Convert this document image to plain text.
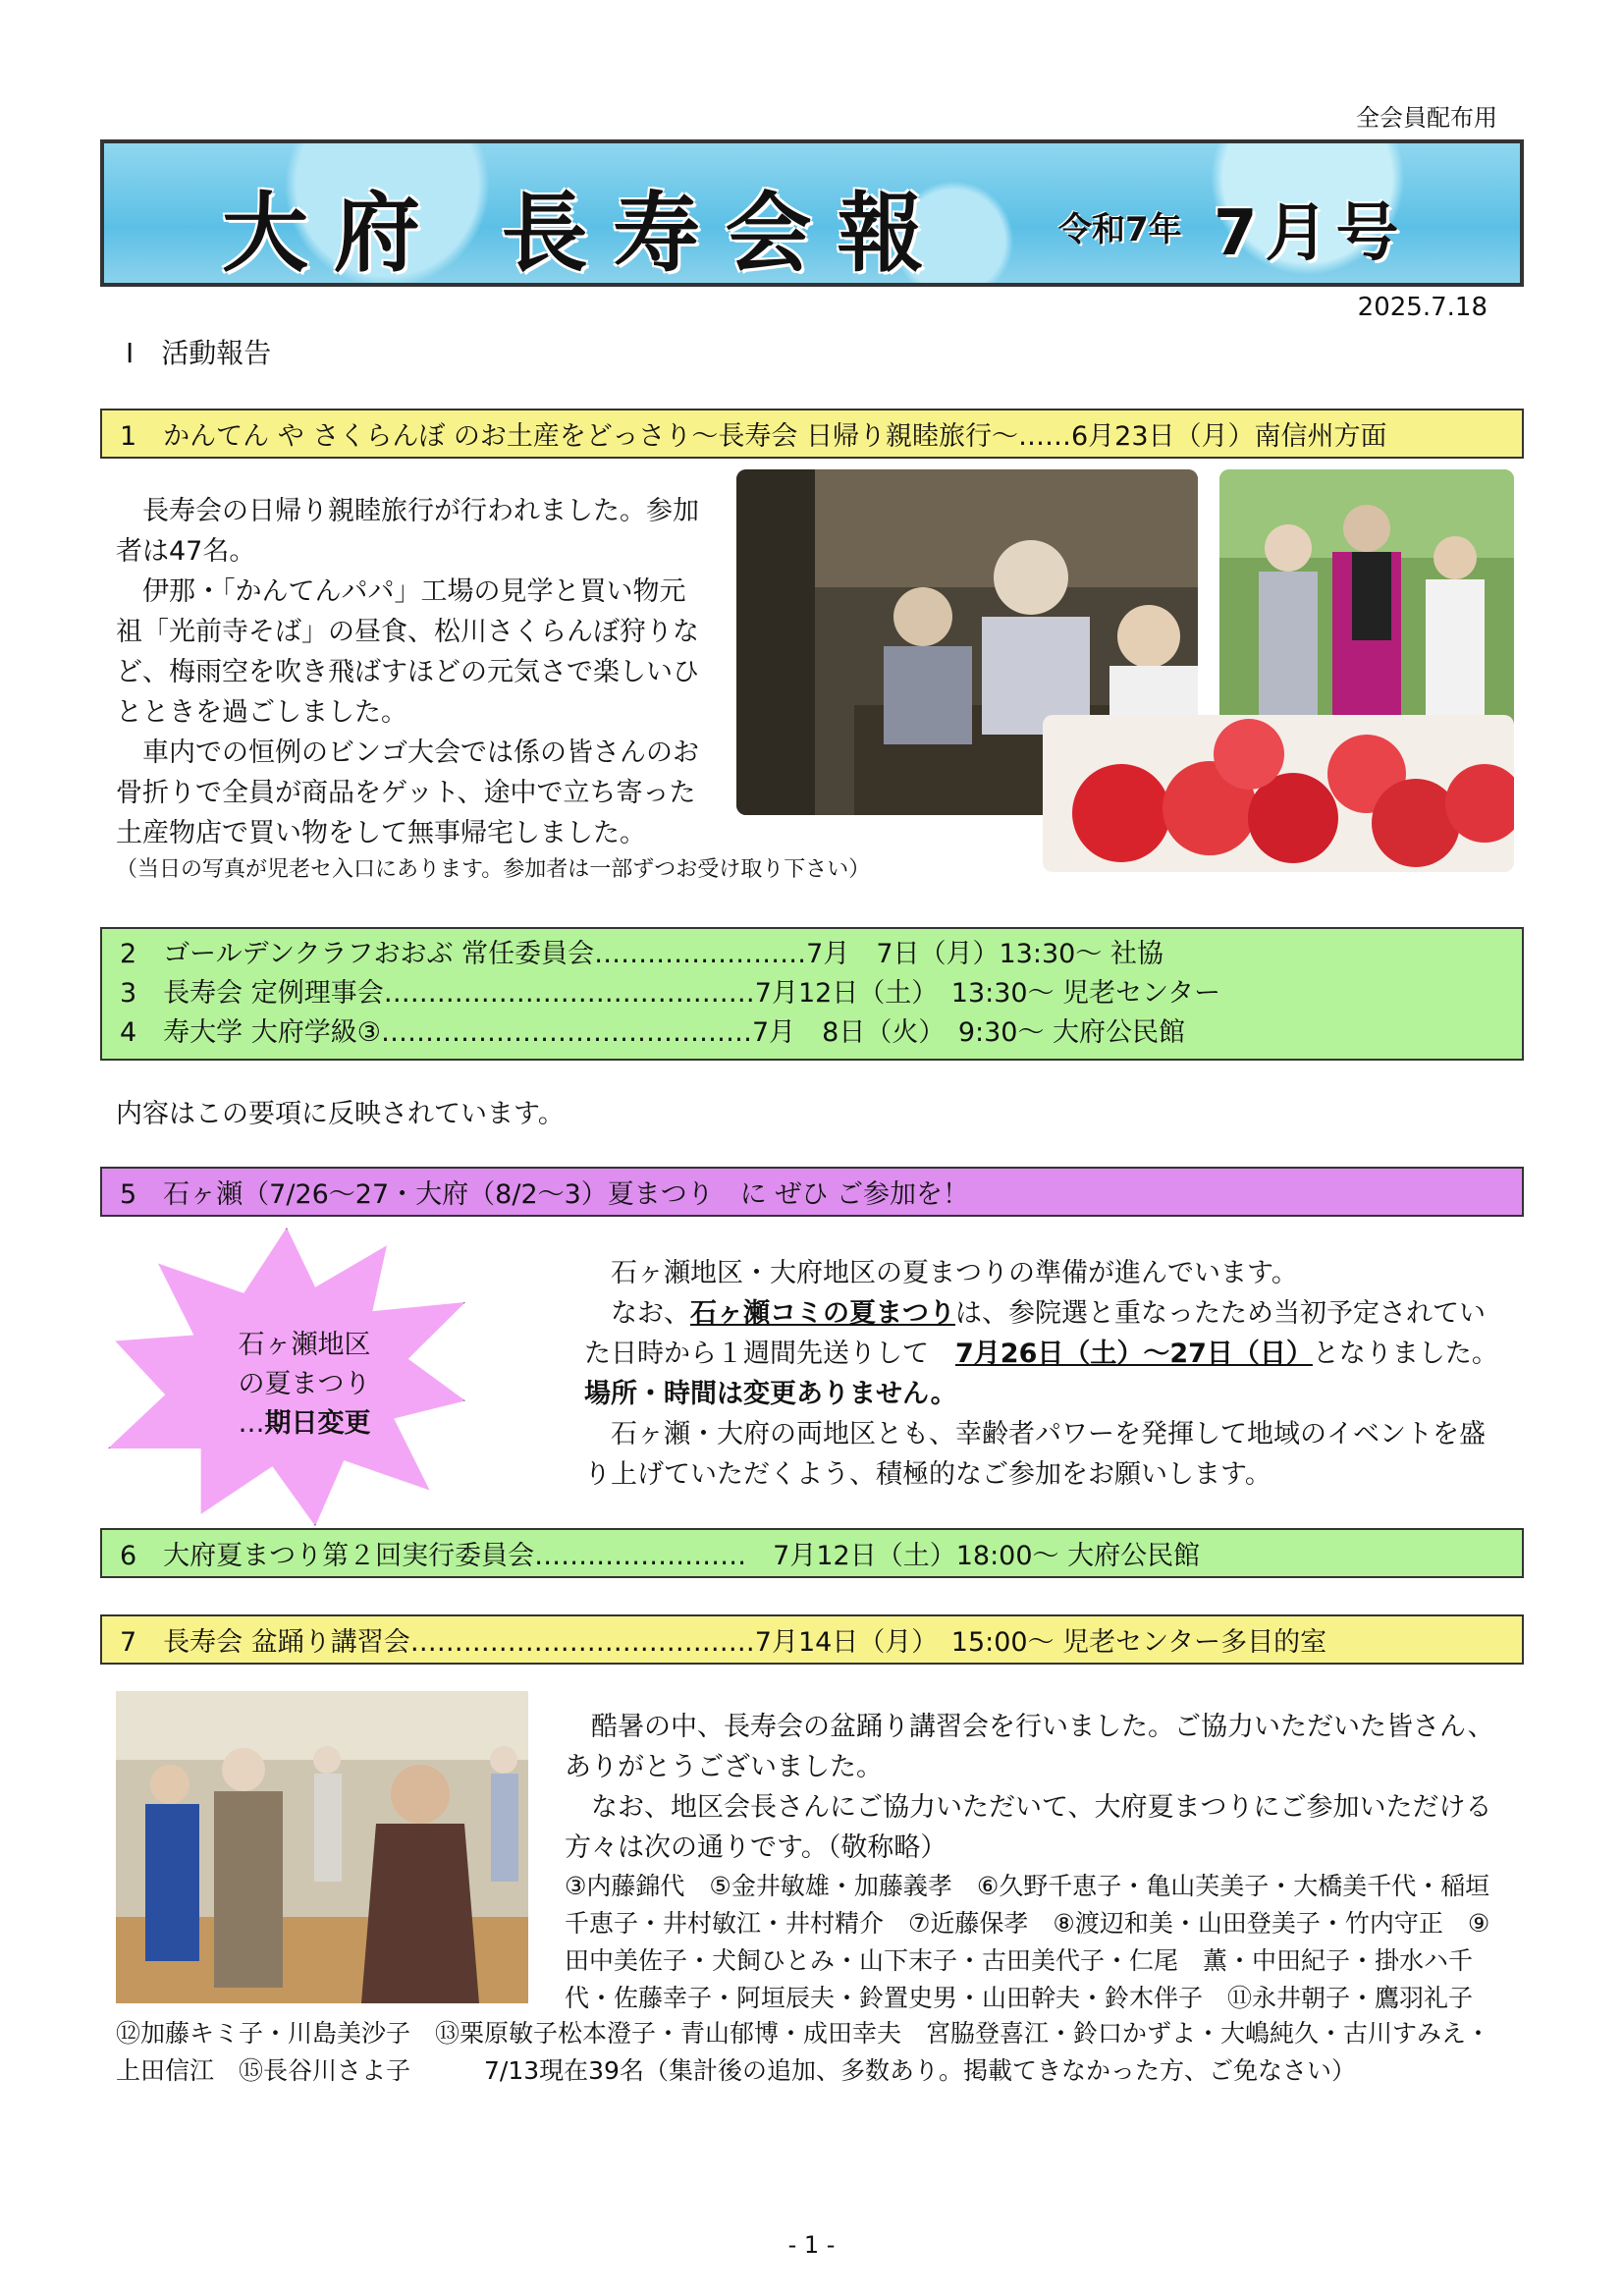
全会員配布用
大府 長寿会報	令和7年 7月号
2025.7.18
Ⅰ　活動報告
1　かんてん や さくらんぼ のお土産をどっさり～長寿会 日帰り親睦旅行～……6月23日（月）南信州方面

　長寿会の日帰り親睦旅行が行われました。参加者は47名。

　伊那・「かんてんパパ」工場の見学と買い物元祖「光前寺そば」の昼食、松川さくらんぼ狩りなど、梅雨空を吹き飛ばすほどの元気さで楽しいひとときを過ごしました。

　車内での恒例のビンゴ大会では係の皆さんのお骨折りで全員が商品をゲット、途中で立ち寄った土産物店で買い物をして無事帰宅しました。

（当日の写真が児老セ入口にあります。参加者は一部ずつお受け取り下さい）
2　ゴールデンクラフおおぶ 常任委員会……………………7月　7日（月）13:30～ 社協
3　長寿会 定例理事会……………………………………7月12日（土）　13:30～ 児老センター
4　寿大学 大府学級③……………………………………7月　8日（火）　9:30～ 大府公民館
内容はこの要項に反映されています。
5　石ヶ瀬（7/26～27・大府（8/2～3）夏まつり　に ぜひ ご参加を！
石ヶ瀬地区
の夏まつり
…期日変更

　石ヶ瀬地区・大府地区の夏まつりの準備が進んでいます。

　なお、石ヶ瀬コミの夏まつりは、参院選と重なったため当初予定されていた日時から１週間先送りして　7月26日（土）～27日（日）となりました。場所・時間は変更ありません。

　石ヶ瀬・大府の両地区とも、幸齢者パワーを発揮して地域のイベントを盛り上げていただくよう、積極的なご参加をお願いします。

6　大府夏まつり第２回実行委員会……………………　7月12日（土）18:00～ 大府公民館
7　長寿会 盆踊り講習会…………………………………7月14日（月）　15:00～ 児老センター多目的室

　酷暑の中、長寿会の盆踊り講習会を行いました。ご協力いただいた皆さん、ありがとうございました。

　なお、地区会長さんにご協力いただいて、大府夏まつりにご参加いただける方々は次の通りです。（敬称略）

③内藤錦代　⑤金井敏雄・加藤義孝　⑥久野千恵子・亀山芙美子・大橋美千代・稲垣千恵子・井村敏江・井村精介　⑦近藤保孝　⑧渡辺和美・山田登美子・竹内守正　⑨田中美佐子・犬飼ひとみ・山下末子・古田美代子・仁尾　薫・中田紀子・掛水ハ千代・佐藤幸子・阿垣辰夫・鈴置史男・山田幹夫・鈴木伴子　⑪永井朝子・鷹羽礼子
⑫加藤キミ子・川島美沙子　⑬栗原敏子松本澄子・青山郁博・成田幸夫　宮脇登喜江・鈴口かずよ・大嶋純久・古川すみえ・上田信江　⑮長谷川さよ子　　　7/13現在39名（集計後の追加、多数あり。掲載てきなかった方、ご免なさい）
- 1 -
